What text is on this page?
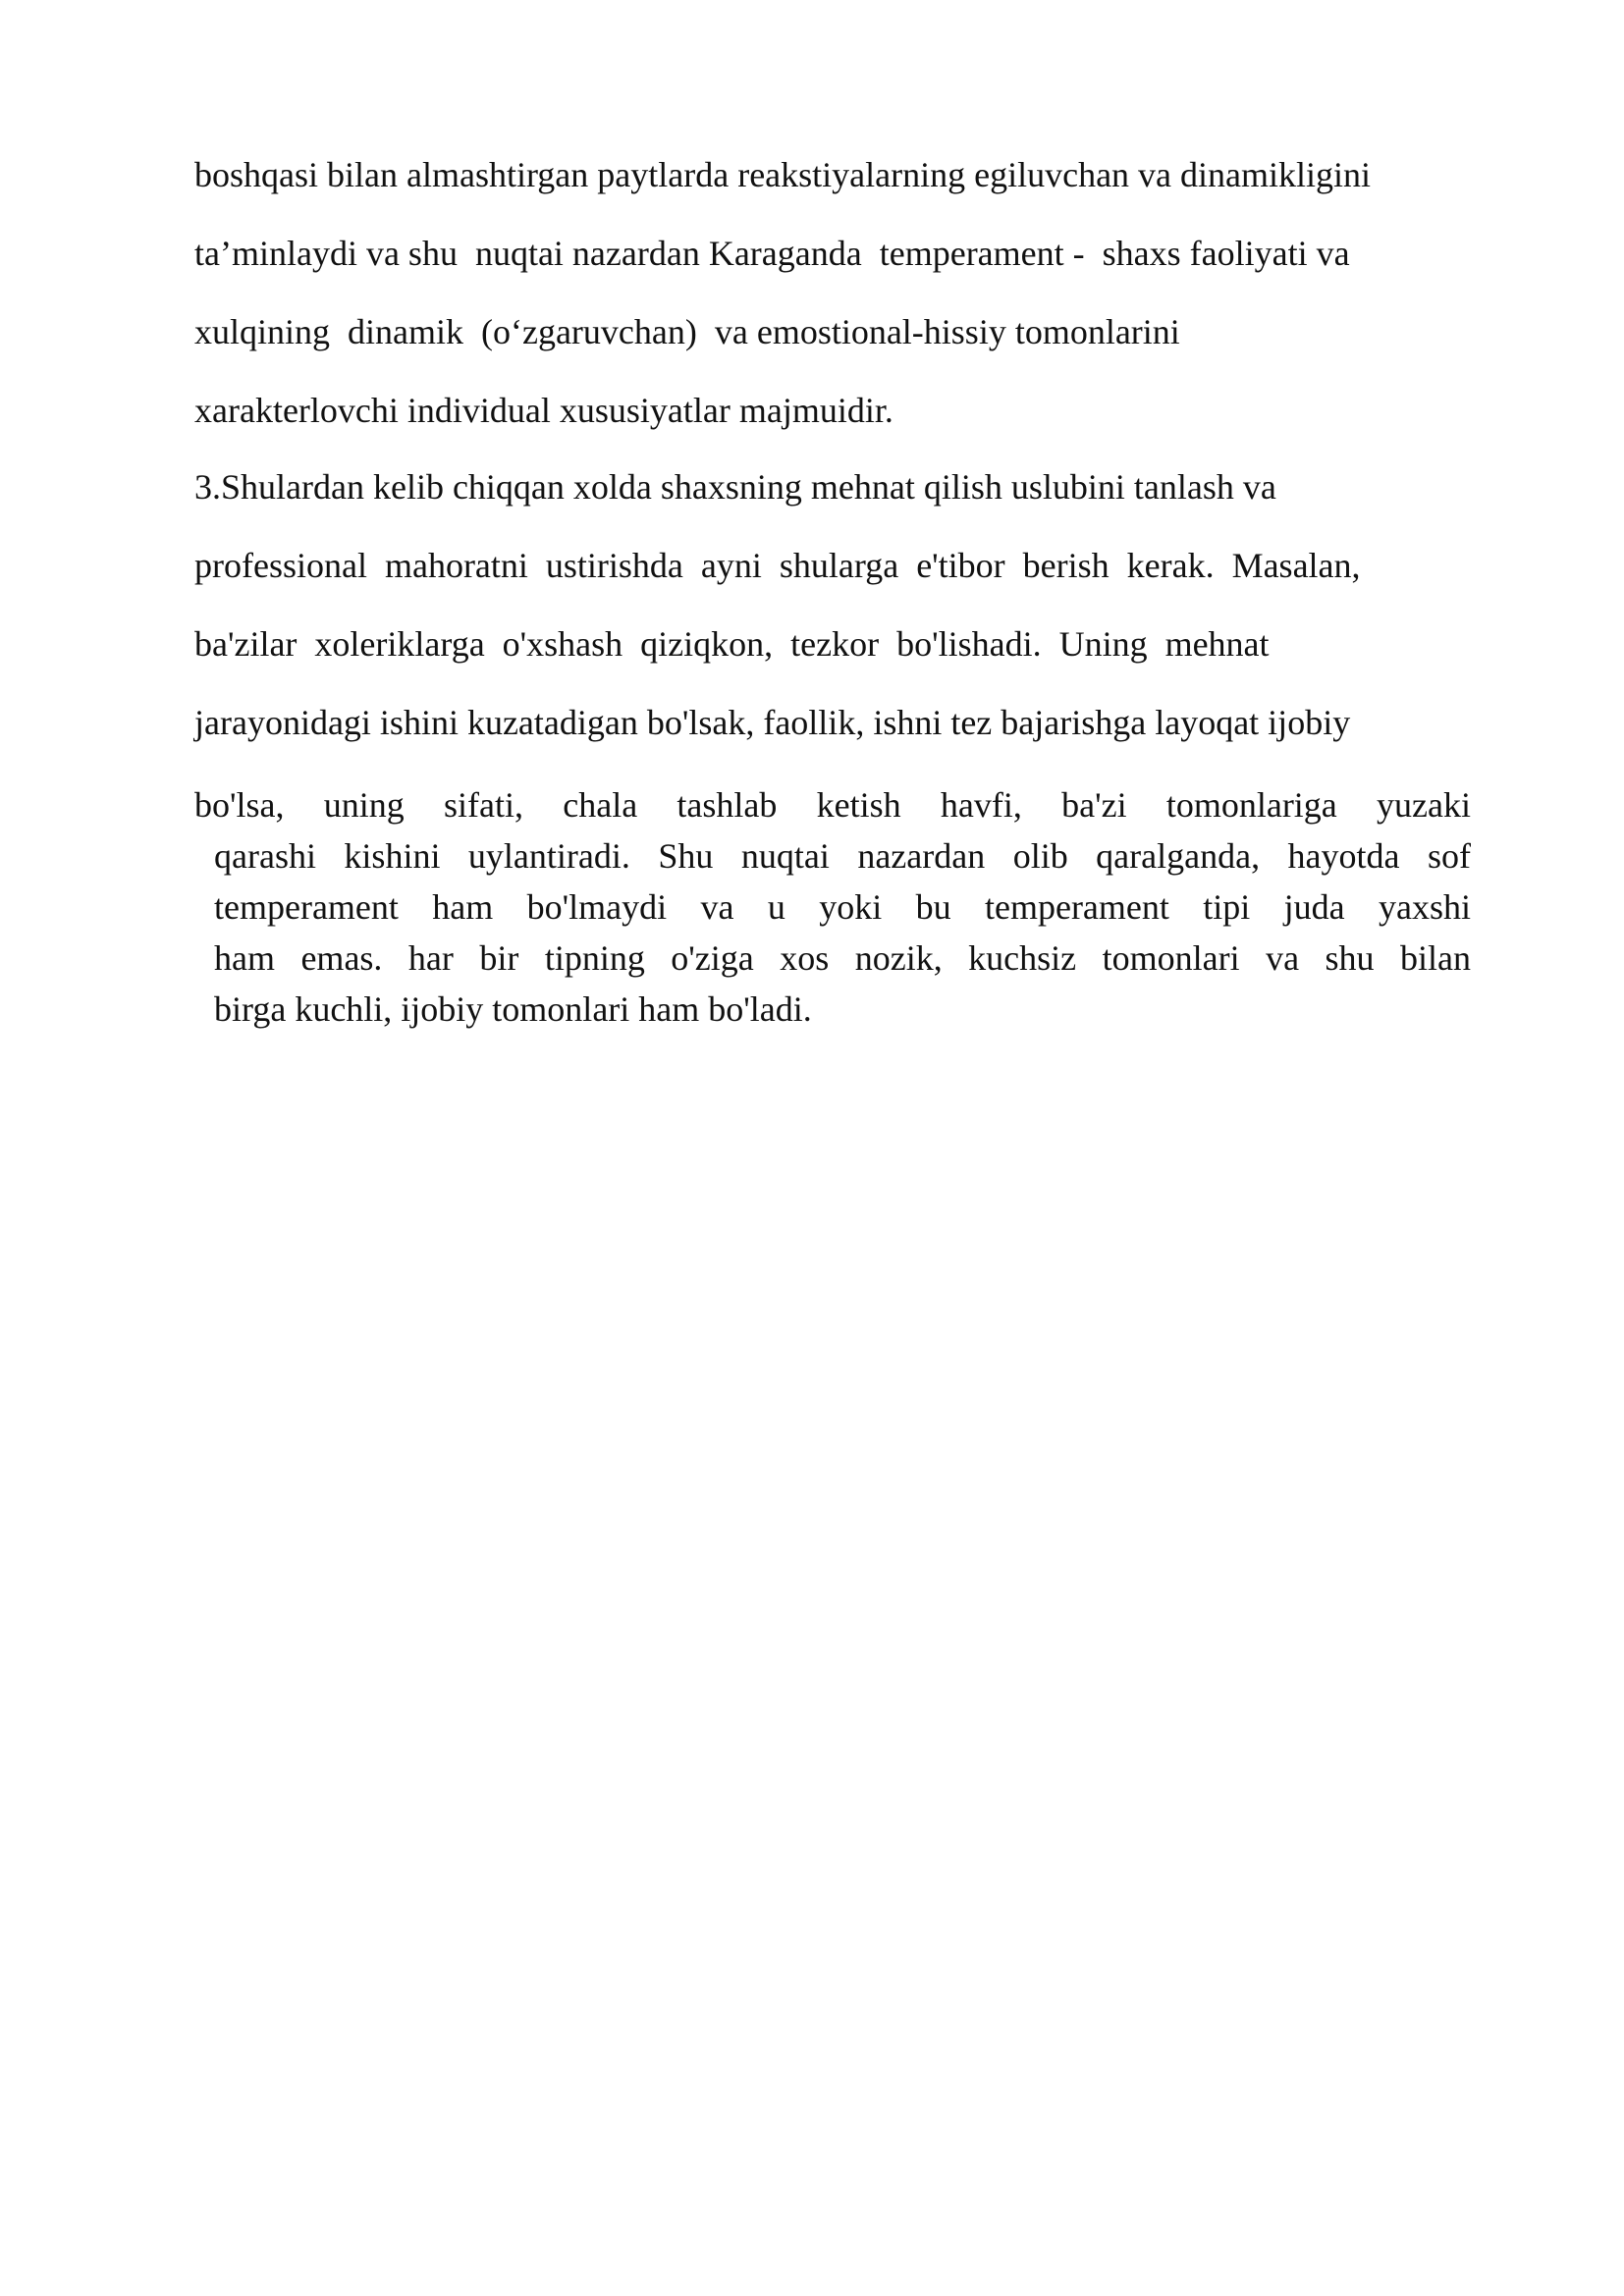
boshqasi bilan almashtirgan paytlarda reakstiyalarning egiluvchan va dinamikligini

ta’minlaydi va shu  nuqtai nazardan Karaganda  temperament -  shaxs faoliyati va

xulqining  dinamik  (o‘zgaruvchan)  va emostional-hissiy tomonlarini

xarakterlovchi individual xususiyatlar majmuidir.

3.Shulardan kelib chiqqan xolda shaxsning mehnat qilish uslubini tanlash va

professional  mahoratni  ustirishda  ayni  shularga  e'tibor  berish  kerak.  Masalan,

ba'zilar  xoleriklarga  o'xshash  qiziqkon,  tezkor  bo'lishadi.  Uning  mehnat

jarayonidagi ishini kuzatadigan bo'lsak, faollik, ishni tez bajarishga layoqat ijobiy

bo'lsa, uning sifati, chala tashlab ketish havfi, ba'zi tomonlariga yuzaki
qarashi kishini uylantiradi. Shu nuqtai nazardan olib qaralganda, hayotda sof
temperament ham bo'lmaydi va u yoki bu temperament tipi juda yaxshi
ham emas. har bir tipning o'ziga xos nozik, kuchsiz tomonlari va shu bilan
birga kuchli, ijobiy tomonlari ham bo'ladi.
